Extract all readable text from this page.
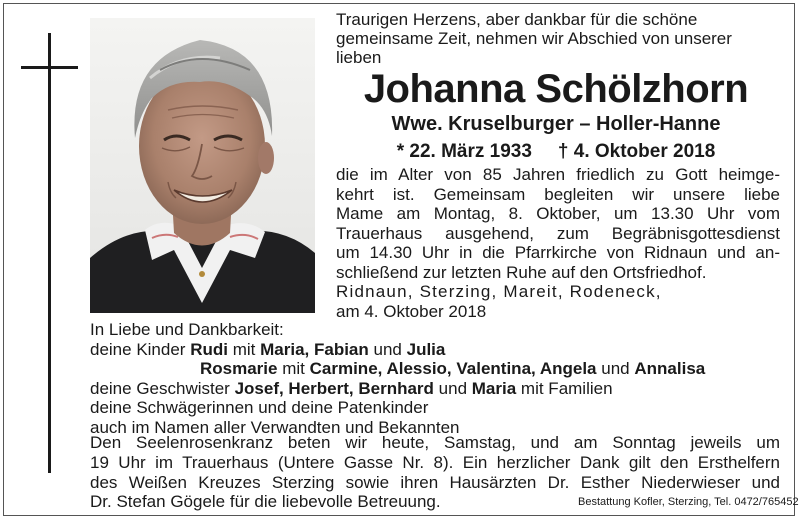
Traurigen Herzens, aber dankbar für die schöne
gemeinsame Zeit, nehmen wir Abschied von unserer
lieben
Johanna Schölzhorn
Wwe. Kruselburger – Holler-Hanne
* 22. März 1933 † 4. Oktober 2018
die im Alter von 85 Jahren friedlich zu Gott heimge-
kehrt ist. Gemeinsam begleiten wir unsere liebe
Mame am Montag, 8. Oktober, um 13.30 Uhr vom
Trauerhaus ausgehend, zum Begräbnisgottesdienst
um 14.30 Uhr in die Pfarrkirche von Ridnaun und an-
schließend zur letzten Ruhe auf den Ortsfriedhof.
Ridnaun, Sterzing, Mareit, Rodeneck,
am 4. Oktober 2018
In Liebe und Dankbarkeit:
deine Kinder Rudi mit Maria, Fabian und Julia
Rosmarie mit Carmine, Alessio, Valentina, Angela und Annalisa
deine Geschwister Josef, Herbert, Bernhard und Maria mit Familien
deine Schwägerinnen und deine Patenkinder
auch im Namen aller Verwandten und Bekannten
Den Seelenrosenkranz beten wir heute, Samstag, und am Sonntag jeweils um
19 Uhr im Trauerhaus (Untere Gasse Nr. 8). Ein herzlicher Dank gilt den Ersthelfern
des Weißen Kreuzes Sterzing sowie ihren Hausärzten Dr. Esther Niederwieser und
Dr. Stefan Gögele für die liebevolle Betreuung.	Bestattung Kofler, Sterzing, Tel. 0472/765452
